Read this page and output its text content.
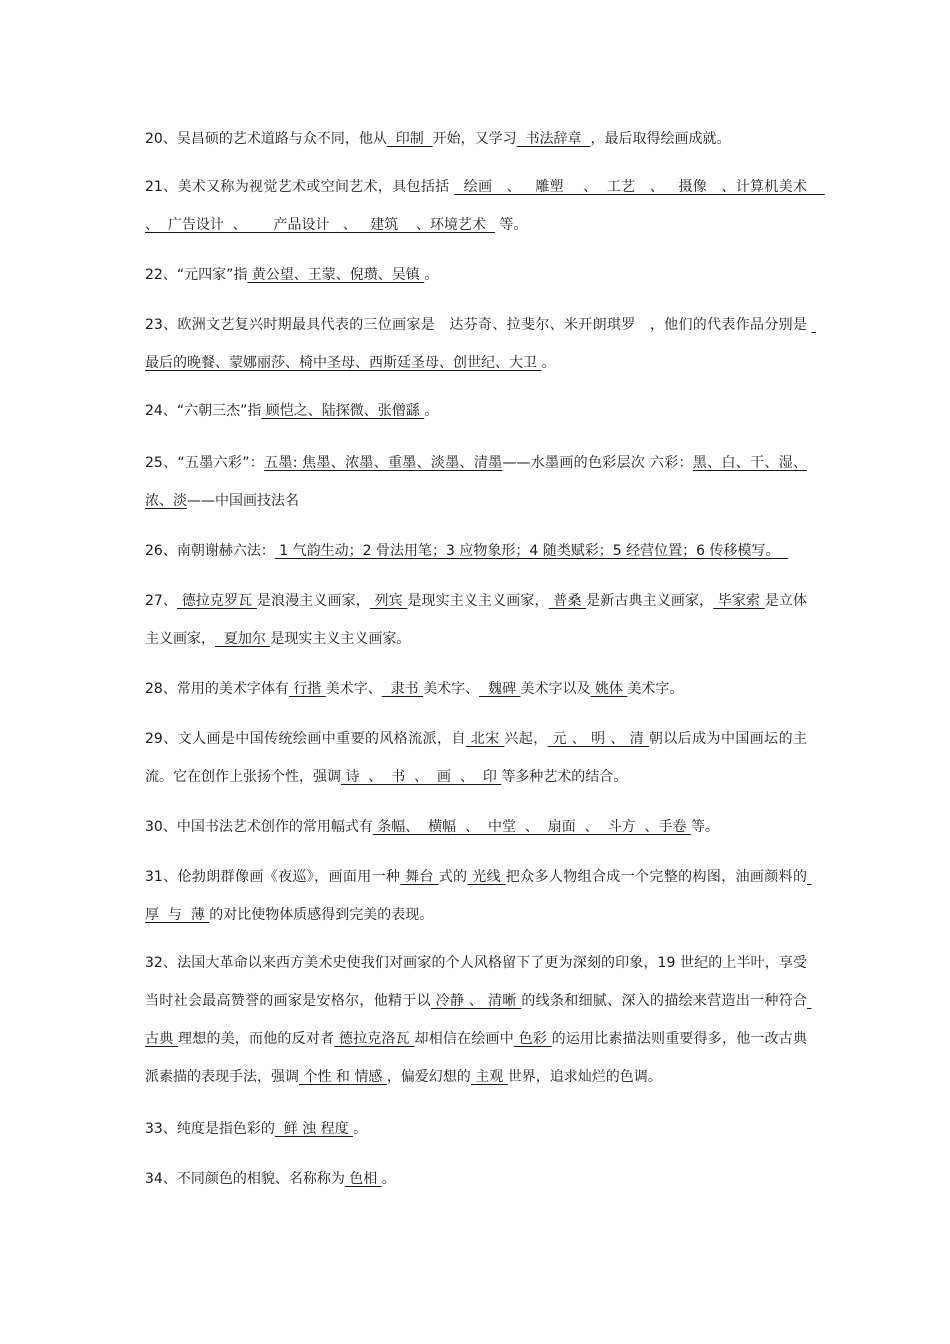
20、吴昌硕的艺术道路与众不同，他从  印制  开始，又学习  书法辞章  ，最后取得绘画成就。

21、美术又称为视觉艺术或空间艺术，具包括括   绘画   、   雕塑    、  工艺   、   摄像   、计算机美术    、  广告设计  、      产品设计   、   建筑    、环境艺术   等。

22、“元四家”指 黄公望、王蒙、倪瓒、吴镇 。

23、欧洲文艺复兴时期最具代表的三位画家是   达芬奇、拉斐尔、米开朗琪罗   ，他们的代表作品分别是  最后的晚餐、蒙娜丽莎、椅中圣母、西斯廷圣母、创世纪、大卫 。

24、“六朝三杰”指 顾恺之、陆探微、张僧繇 。

25、“五墨六彩”：五墨: 焦墨、浓墨、重墨、淡墨、清墨——水墨画的色彩层次 六彩：黑、白、干、湿、浓、淡——中国画技法名

26、南朝谢赫六法： 1 气韵生动；2 骨法用笔；3 应物象形；4 随类赋彩；5 经营位置；6 传移模写。

27、 德拉克罗瓦 是浪漫主义画家， 列宾 是现实主义主义画家， 普桑 是新古典主义画家， 毕家索 是立体主义画家，  夏加尔 是现实主义主义画家。

28、常用的美术字体有 行揩 美术字、  隶书 美术字、  魏碑 美术字以及 姚体 美术字。

29、文人画是中国传统绘画中重要的风格流派，自 北宋 兴起， 元 、 明 、 清 朝以后成为中国画坛的主流。它在创作上张扬个性，强调 诗  、  书  、  画  、  印 等多种艺术的结合。

30、中国书法艺术创作的常用幅式有 条幅、  横幅  、  中堂  、  扇面  、  斗方  、手卷 等。

31、伦勃朗群像画《夜巡》，画面用一种 舞台 式的 光线 把众多人物组合成一个完整的构图，油画颜料的 厚  与  薄 的对比使物体质感得到完美的表现。

32、法国大革命以来西方美术史使我们对画家的个人风格留下了更为深刻的印象，19 世纪的上半叶，享受当时社会最高赞誉的画家是安格尔，他精于以 冷静 、 清晰 的线条和细腻、深入的描绘来营造出一种符合 古典 理想的美，而他的反对者 德拉克洛瓦 却相信在绘画中 色彩 的运用比素描法则重要得多，他一改古典派素描的表现手法，强调 个性 和 情感 ，偏爱幻想的 主观 世界，追求灿烂的色调。

33、纯度是指色彩的  鲜 浊 程度 。

34、不同颜色的相貌、名称称为 色相 。
